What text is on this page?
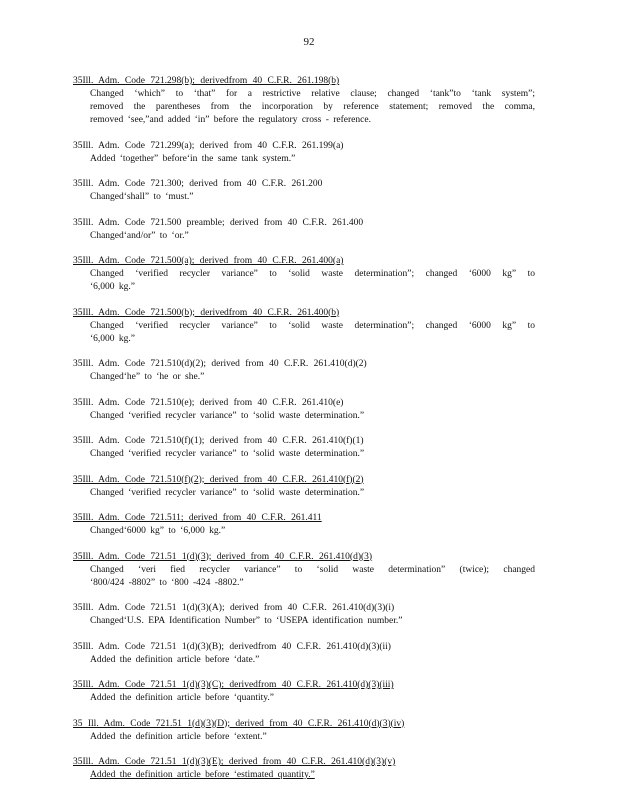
92
35Ill. Adm. Code 721.298(b); derivedfrom 40 C.F.R. 261.198(b)
Changed ‘which” to ‘that” for a restrictive relative clause; changed ‘tank”to ‘tank system”;
removed the parentheses from the incorporation by reference statement; removed the comma,
removed ‘see,”and added ‘in” before the regulatory cross - reference.
35Ill. Adm. Code 721.299(a); derived from 40 C.F.R. 261.199(a)
Added ‘together” before‘in the same tank system.”
35Ill. Adm. Code 721.300; derived from 40 C.F.R. 261.200
Changed‘shall” to ‘must.”
35Ill. Adm. Code 721.500 preamble; derived from 40 C.F.R. 261.400
Changed‘and/or” to ‘or.”
35Ill. Adm. Code 721.500(a); derived from 40 C.F.R. 261.400(a)
Changed ‘verified recycler variance” to ‘solid waste determination”; changed ‘6000 kg” to
‘6,000 kg.”
35Ill. Adm. Code 721.500(b); derivedfrom 40 C.F.R. 261.400(b)
Changed ‘verified recycler variance” to ‘solid waste determination”; changed ‘6000 kg” to
‘6,000 kg.”
35Ill. Adm. Code 721.510(d)(2); derived from 40 C.F.R. 261.410(d)(2)
Changed‘he” to ‘he or she.”
35Ill. Adm. Code 721.510(e); derived from 40 C.F.R. 261.410(e)
Changed ‘verified recycler variance” to ‘solid waste determination.”
35Ill. Adm. Code 721.510(f)(1); derived from 40 C.F.R. 261.410(f)(1)
Changed ‘verified recycler variance” to ‘solid waste determination.”
35Ill. Adm. Code 721.510(f)(2); derived from 40 C.F.R. 261.410(f)(2)
Changed ‘verified recycler variance” to ‘solid waste determination.”
35Ill. Adm. Code 721.511; derived from 40 C.F.R. 261.411
Changed‘6000 kg” to ‘6,000 kg.”
35Ill. Adm. Code 721.51 1(d)(3); derived from 40 C.F.R. 261.410(d)(3)
Changed ‘veri fied recycler variance” to ‘solid waste determination” (twice); changed
‘800/424 -8802” to ‘800 -424 -8802.”
35Ill. Adm. Code 721.51 1(d)(3)(A); derived from 40 C.F.R. 261.410(d)(3)(i)
Changed‘U.S. EPA Identification Number” to ‘USEPA identification number.”
35Ill. Adm. Code 721.51 1(d)(3)(B); derivedfrom 40 C.F.R. 261.410(d)(3)(ii)
Added the definition article before ‘date.”
35Ill. Adm. Code 721.51 1(d)(3)(C); derivedfrom 40 C.F.R. 261.410(d)(3)(iii)
Added the definition article before ‘quantity.”
35 Ill. Adm. Code 721.51 1(d)(3)(D); derived from 40 C.F.R. 261.410(d)(3)(iv)
Added the definition article before ‘extent.”
35Ill. Adm. Code 721.51 1(d)(3)(E); derived from 40 C.F.R. 261.410(d)(3)(v)
Added the definition article before ‘estimated quantity.”
